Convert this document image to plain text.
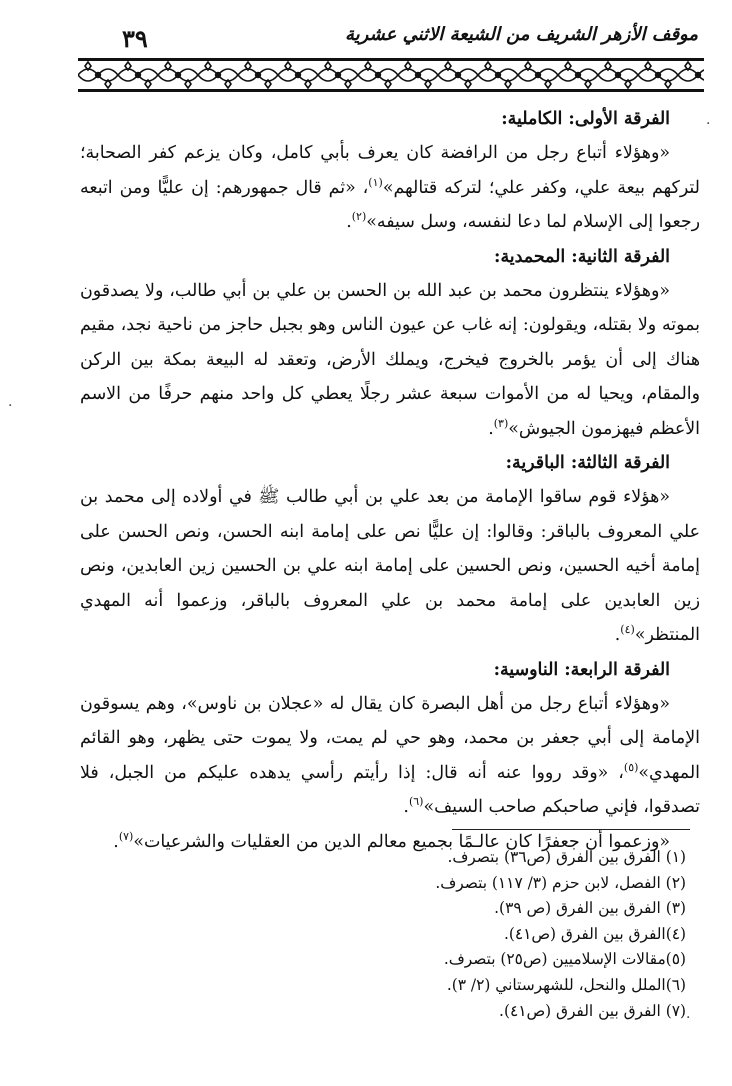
٣٩	موقف الأزهر الشريف من الشيعة الاثني عشرية

الفرقة الأولى: الكاملية:

«وهؤلاء أتباع رجل من الرافضة كان يعرف بأبي كامل، وكان يزعم كفر الصحابة؛ لتركهم بيعة علي، وكفر علي؛ لتركه قتالهم»$^{(١)}$، «ثم قال جمهورهم: إن عليًّا ومن اتبعه رجعوا إلى الإسلام لما دعا لنفسه، وسل سيفه»$^{(٢)}$.

الفرقة الثانية: المحمدية:

«وهؤلاء ينتظرون محمد بن عبد الله بن الحسن بن علي بن أبي طالب، ولا يصدقون بموته ولا بقتله، ويقولون: إنه غاب عن عيون الناس وهو بجبل حاجز من ناحية نجد، مقيم هناك إلى أن يؤمر بالخروج فيخرج، ويملك الأرض، وتعقد له البيعة بمكة بين الركن والمقام، ويحيا له من الأموات سبعة عشر رجلًا يعطي كل واحد منهم حرفًا من الاسم الأعظم فيهزمون الجيوش»$^{(٣)}$.

الفرقة الثالثة: الباقرية:

«هؤلاء قوم ساقوا الإمامة من بعد علي بن أبي طالب ﷺ في أولاده إلى محمد بن علي المعروف بالباقر: وقالوا: إن عليًّا نص على إمامة ابنه الحسن، ونص الحسن على إمامة أخيه الحسين، ونص الحسين على إمامة ابنه علي بن الحسين زين العابدين، ونص زين العابدين على إمامة محمد بن علي المعروف بالباقر، وزعموا أنه المهدي المنتظر»$^{(٤)}$.

الفرقة الرابعة: الناوسية:

«وهؤلاء أتباع رجل من أهل البصرة كان يقال له «عجلان بن ناوس»، وهم يسوقون الإمامة إلى أبي جعفر بن محمد، وهو حي لم يمت، ولا يموت حتى يظهر، وهو القائم المهدي»$^{(٥)}$، «وقد رووا عنه أنه قال: إذا رأيتم رأسي يدهده عليكم من الجبل، فلا تصدقوا، فإني صاحبكم صاحب السيف»$^{(٦)}$.

«وزعموا أن جعفرًا كان عالـمًا بجميع معالم الدين من العقليات والشرعيات»$^{(٧)}$.

(١) الفرق بين الفرق (ص٣٦) بتصرف.

(٢) الفصل، لابن حزم (٣/ ١١٧) بتصرف.

(٣) الفرق بين الفرق (ص ٣٩).

(٤)الفرق بين الفرق (ص٤١).

(٥)مقالات الإسلاميين (ص٢٥) بتصرف.

(٦)الملل والنحل، للشهرستاني (٢/ ٣).

(٧) الفرق بين الفرق (ص٤١).

·
·
·
